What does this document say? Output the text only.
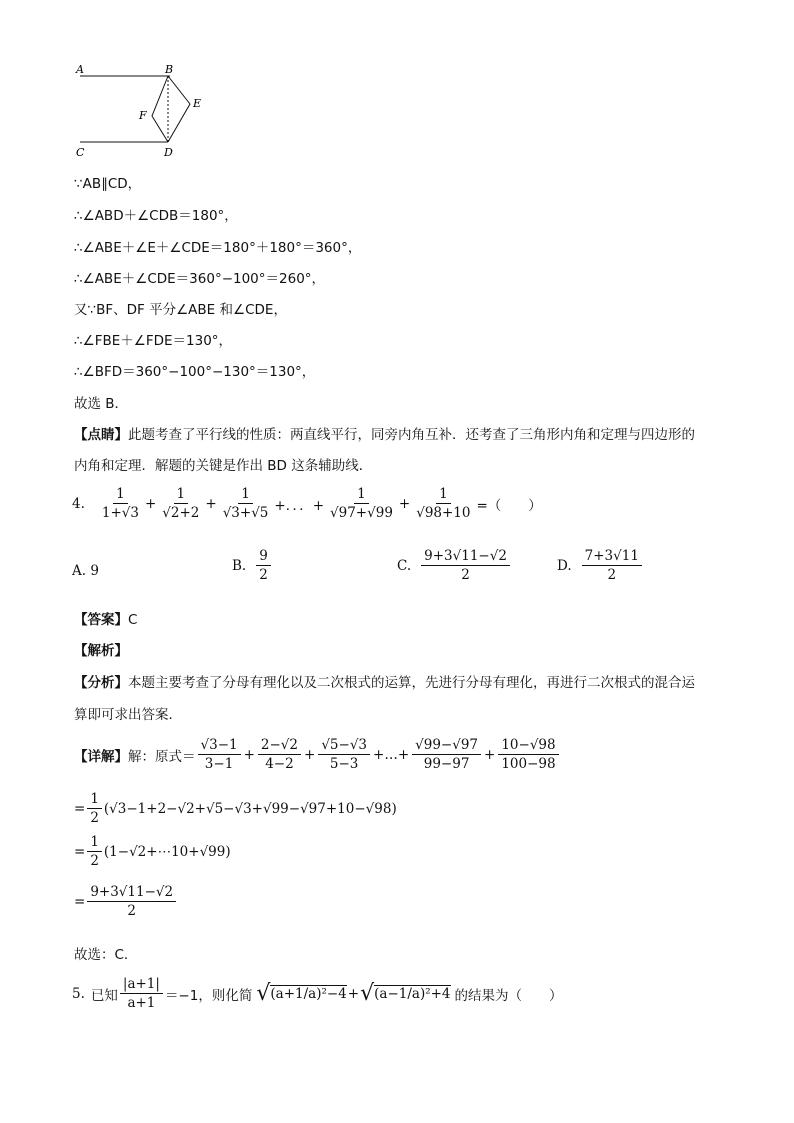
A	B
C	D
E
F
∵AB∥CD，
∴∠ABD＋∠CDB＝180°，
∴∠ABE＋∠E＋∠CDE＝180°＋180°＝360°，
∴∠ABE＋∠CDE＝360°−100°＝260°，
又∵BF、DF 平分∠ABE 和∠CDE，
∴∠FBE＋∠FDE＝130°，
∴∠BFD＝360°−100°−130°＝130°，
故选 B．
【点睛】此题考查了平行线的性质：两直线平行，同旁内角互补．还考查了三角形内角和定理与四边形的
内角和定理．解题的关键是作出 BD 这条辅助线．
4. $\frac{1}{1+√3} + \frac{1}{√2+2} + \frac{1}{√3+√5}$ +．．．+ $\frac{1}{√97+√99} + \frac{1}{√98+10}$ =（　　）
A. 9	B. $\frac{9}{2}$	C. $\frac{9+3√11-√2}{2}$	D. $\frac{7+3√11}{2}$
【答案】C
【解析】
【分析】本题主要考查了分母有理化以及二次根式的运算，先进行分母有理化，再进行二次根式的混合运
算即可求出答案．
【详解】 解：原式＝ $\frac{√3-1}{3-1} + \frac{2-√2}{4-2} + \frac{√5-√3}{5-3}$ +…+ $\frac{√99-√97}{99-97} + \frac{10-√98}{100-98}$
= $\frac{1}{2} (√3-1+2-√2+√5-√3+√99-√97+10-√98)$
= $\frac{1}{2}$ (1−√2+⋯10+√99)
= $\frac{9+3√11-√2}{2}$
故选：C．
5. 已知 $\frac{|a+1|}{a+1} =-1$，则化简 √ (a+1/a)²−4 + √ (a−1/a)²+4 的结果为（　　）
